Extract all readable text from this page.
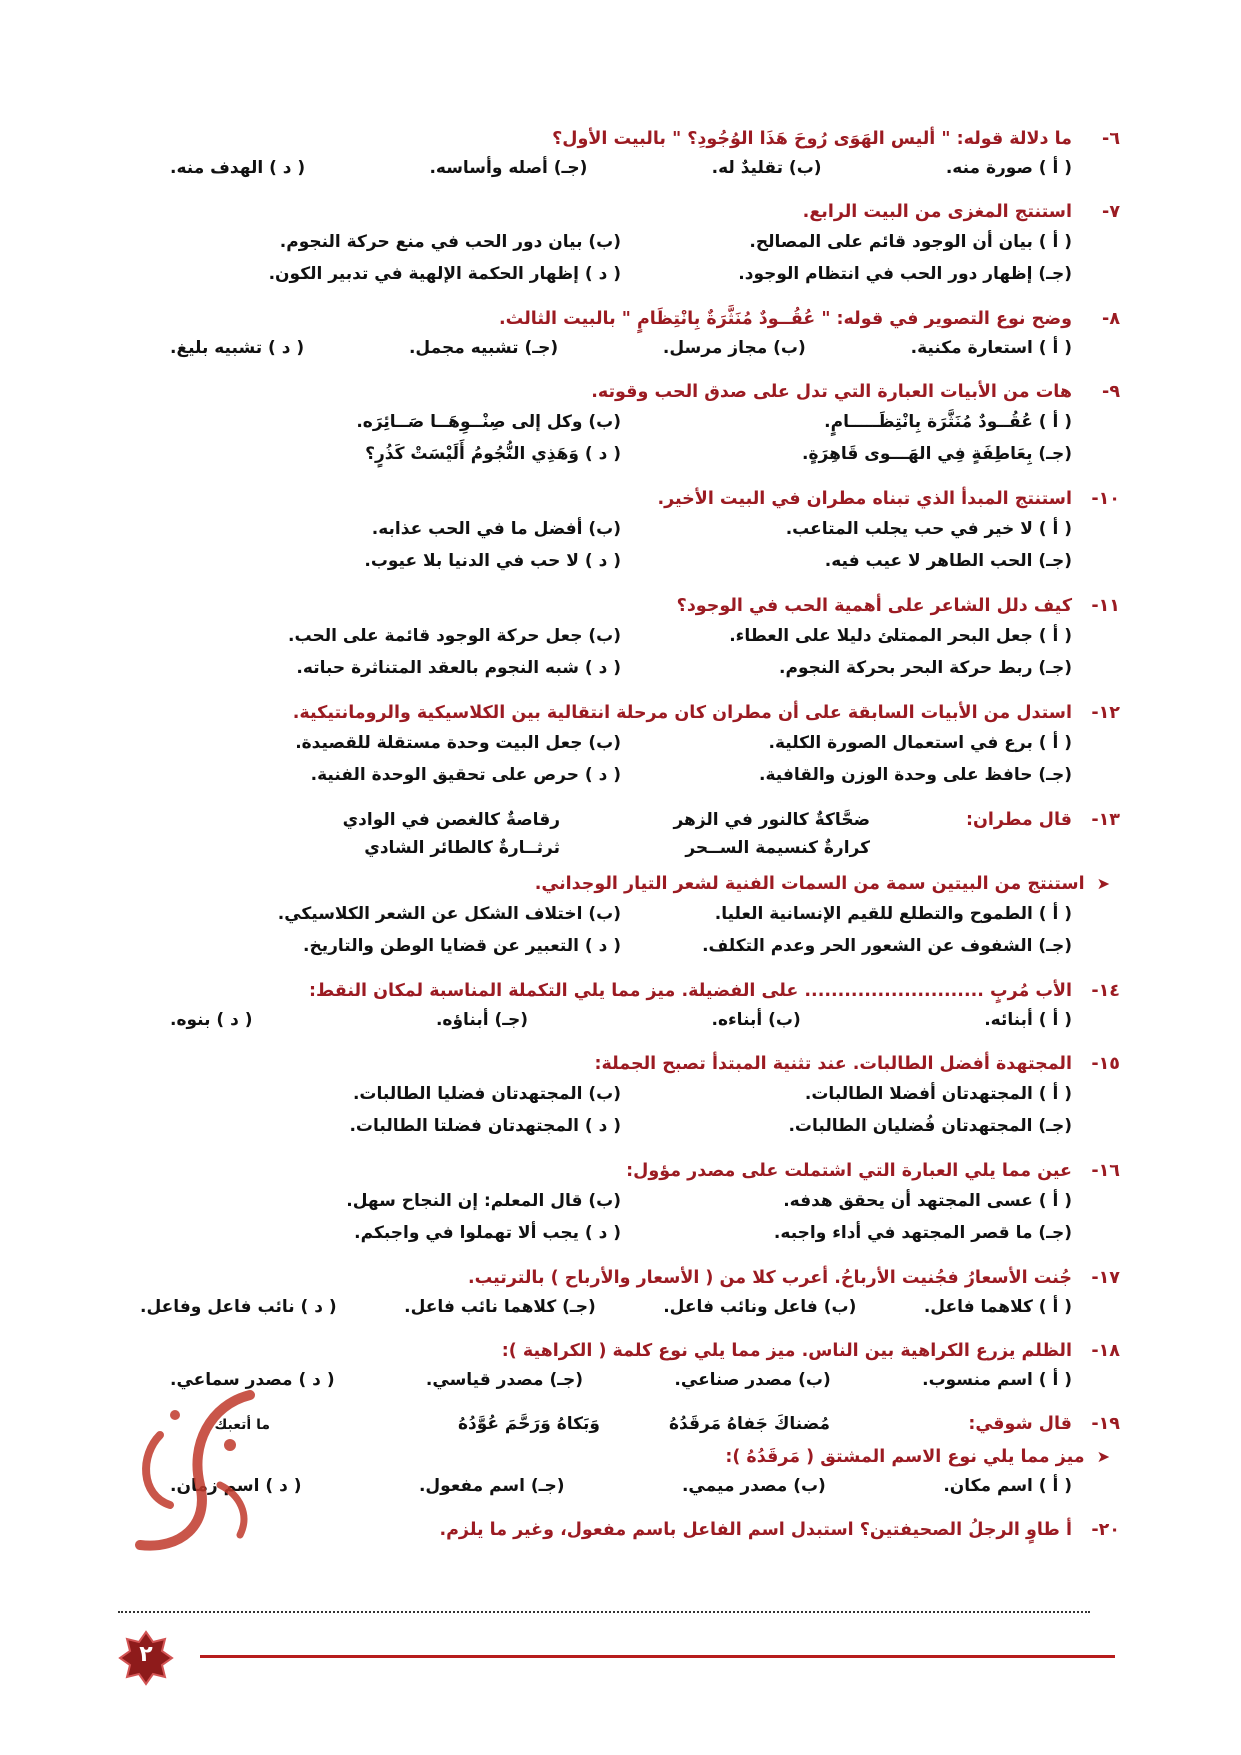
٦-
ما دلالة قوله: " أليس الهَوَى رُوحَ هَذَا الوُجُودِ؟ " بالبيت الأول؟
( أ ) صورة منه.
(ب) تقليدٌ له.
(جـ) أصله وأساسه.
( د ) الهدف منه.
٧-
استنتج المغزى من البيت الرابع.
( أ ) بيان أن الوجود قائم على المصالح.
(ب) بيان دور الحب في منع حركة النجوم.
(جـ) إظهار دور الحب في انتظام الوجود.
( د ) إظهار الحكمة الإلهية في تدبير الكون.
٨-
وضح نوع التصوير في قوله: " عُقُــودٌ مُنَثَّرَةٌ بِانْتِظَامٍ " بالبيت الثالث.
( أ ) استعارة مكنية.
(ب) مجاز مرسل.
(جـ) تشبيه مجمل.
( د ) تشبيه بليغ.
٩-
هات من الأبيات العبارة التي تدل على صدق الحب وقوته.
( أ ) عُقُــودٌ مُنَثَّرَة بِانْتِظَـــــامٍ.
(ب) وكل إلى صِنْــوِهَــا صَــائِرَه.
(جـ) بِعَاطِفَةٍ فِي الهَـــوى قَاهِرَةٍ.
( د ) وَهَذِي النُّجُومُ أَلَيْسَتْ كَذُرٍ؟
١٠-
استنتج المبدأ الذي تبناه مطران في البيت الأخير.
( أ ) لا خير في حب يجلب المتاعب.
(ب) أفضل ما في الحب عذابه.
(جـ) الحب الطاهر لا عيب فيه.
( د ) لا حب في الدنيا بلا عيوب.
١١-
كيف دلل الشاعر على أهمية الحب في الوجود؟
( أ ) جعل البحر الممتلئ دليلا على العطاء.
(ب) جعل حركة الوجود قائمة على الحب.
(جـ) ربط حركة البحر بحركة النجوم.
( د ) شبه النجوم بالعقد المتناثرة حباته.
١٢-
استدل من الأبيات السابقة على أن مطران كان مرحلة انتقالية بين الكلاسيكية والرومانتيكية.
( أ ) برع في استعمال الصورة الكلية.
(ب) جعل البيت وحدة مستقلة للقصيدة.
(جـ) حافظ على وحدة الوزن والقافية.
( د ) حرص على تحقيق الوحدة الفنية.
١٣-
قال مطران:
ضحَّاكةٌ كالنور في الزهر
رقاصةٌ كالغصن في الوادي
كرارةٌ كنسيمة الســحر
ثرثــارةٌ كالطائر الشادي
➤
استنتج من البيتين سمة من السمات الفنية لشعر التيار الوجداني.
( أ ) الطموح والتطلع للقيم الإنسانية العليا.
(ب) اختلاف الشكل عن الشعر الكلاسيكي.
(جـ) الشفوف عن الشعور الحر وعدم التكلف.
( د ) التعبير عن قضايا الوطن والتاريخ.
١٤-
الأب مُربٍ ........................... على الفضيلة. ميز مما يلي التكملة المناسبة لمكان النقط:
( أ ) أبنائه.
(ب) أبناءه.
(جـ) أبناؤه.
( د ) بنوه.
١٥-
المجتهدة أفضل الطالبات. عند تثنية المبتدأ تصبح الجملة:
( أ ) المجتهدتان أفضلا الطالبات.
(ب) المجتهدتان فضليا الطالبات.
(جـ) المجتهدتان فُضليان الطالبات.
( د ) المجتهدتان فضلتا الطالبات.
١٦-
عين مما يلي العبارة التي اشتملت على مصدر مؤول:
( أ ) عسى المجتهد أن يحقق هدفه.
(ب) قال المعلم: إن النجاح سهل.
(جـ) ما قصر المجتهد في أداء واجبه.
( د ) يجب ألا تهملوا في واجبكم.
١٧-
جُنت الأسعارُ فجُنيت الأرباحُ. أعرب كلا من ( الأسعار والأرباح ) بالترتيب.
( أ ) كلاهما فاعل.
(ب) فاعل ونائب فاعل.
(جـ) كلاهما نائب فاعل.
( د ) نائب فاعل وفاعل.
١٨-
الظلم يزرع الكراهية بين الناس. ميز مما يلي نوع كلمة ( الكراهية ):
( أ ) اسم منسوب.
(ب) مصدر صناعي.
(جـ) مصدر قياسي.
( د ) مصدر سماعي.
١٩-
قال شوقي:
مُضناكَ جَفاهُ مَرقَدُهُ
وَبَكاهُ وَرَحَّمَ عُوَّدُهُ
ما أتعبك
➤
ميز مما يلي نوع الاسم المشتق ( مَرقَدُهُ ):
( أ ) اسم مكان.
(ب) مصدر ميمي.
(جـ) اسم مفعول.
( د ) اسم زمان.
٢٠-
أ طاوٍ الرجلُ الصحيفتين؟ استبدل اسم الفاعل باسم مفعول، وغير ما يلزم.
٢
